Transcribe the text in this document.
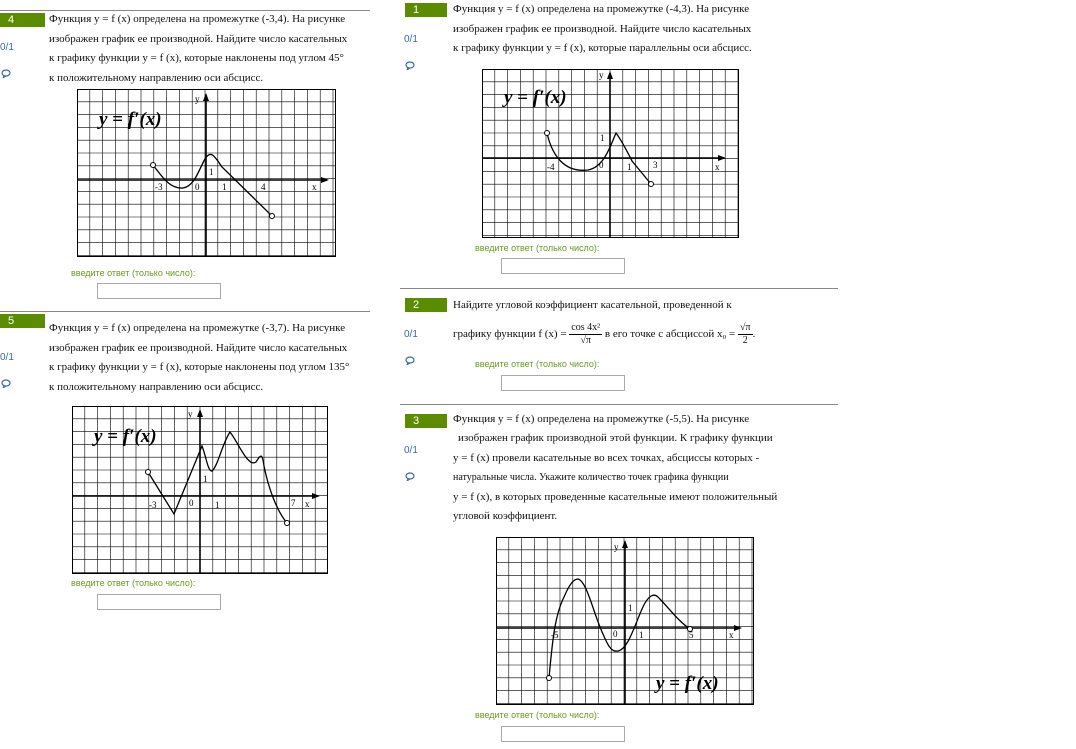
4
0/1
Функция y = f (x) определена на промежутке (-3,4). На рисунке
изображен график ее производной. Найдите число касательных
к графику функции y = f (x), которые наклонены под углом 45°
к положительному направлению оси абсцисс.
y = f′(x)
y
x
-3	0
1
1	4
введите ответ (только число):
5
0/1
Функция y = f (x) определена на промежутке (-3,7). На рисунке
изображен график ее производной. Найдите число касательных
к графику функции y = f (x), которые наклонены под углом 135°
к положительному направлению оси абсцисс.
y = f′(x)
y
x
-3	0
1
1	7
введите ответ (только число):
1
0/1
Функция y = f (x) определена на промежутке (-4,3). На рисунке
изображен график ее производной. Найдите число касательных
к графику функции y = f (x), которые параллельны оси абсцисс.
y = f′(x)
y
x
-4	0
1
1 3
введите ответ (только число):
2
0/1
Найдите угловой коэффициент касательной, проведенной к
графику функции f $(x) = \frac{\text{cos 4x²}}{√\pi}$ в его точке с абсциссой $x_0 = \frac{√\pi}{2}$ .
введите ответ (только число):
3
0/1
Функция y = f (x) определена на промежутке (-5,5). На рисунке
изображен график производной этой функции. К графику функции
y = f (x) провели касательные во всех точках, абсциссы которых -
натуральные числа. Укажите количество точек графика функции
y = f (x), в которых проведенные касательные имеют положительный
угловой коэффициент.
y = f′(x)
y
x
-5	0
1
1	5
введите ответ (только число):
